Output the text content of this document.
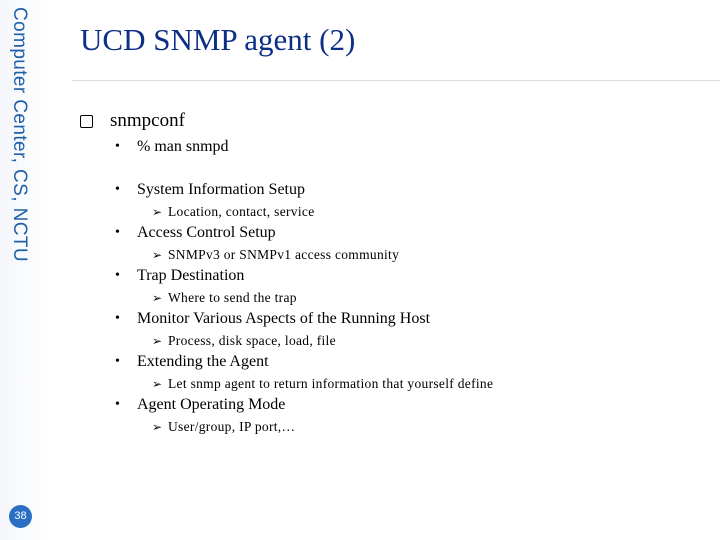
Computer Center, CS, NCTU
38
UCD SNMP agent (2)
snmpconf
• % man snmpd
• System Information Setup
➢ Location, contact, service
• Access Control Setup
➢ SNMPv3 or SNMPv1 access community
• Trap Destination
➢ Where to send the trap
• Monitor Various Aspects of the Running Host
➢ Process, disk space, load, file
• Extending the Agent
➢ Let snmp agent to return information that yourself define
• Agent Operating Mode
➢ User/group, IP port,…
